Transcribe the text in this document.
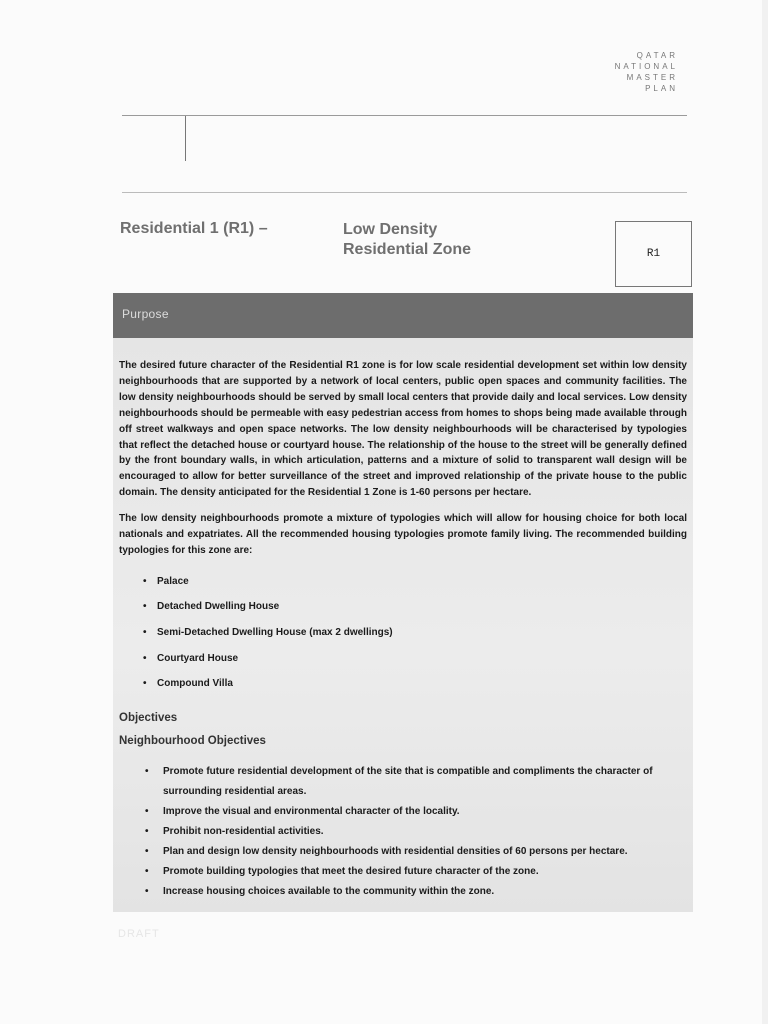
QATAR
NATIONAL
MASTER
PLAN
Residential 1 (R1) –	Low Density
Residential Zone	R1
Purpose

The desired future character of the Residential R1 zone is for low scale residential development set within low density neighbourhoods that are supported by a network of local centers, public open spaces and community facilities. The low density neighbourhoods should be served by small local centers that provide daily and local services. Low density neighbourhoods should be permeable with easy pedestrian access from homes to shops being made available through off street walkways and open space networks. The low density neighbourhoods will be characterised by typologies that reflect the detached house or courtyard house. The relationship of the house to the street will be generally defined by the front boundary walls, in which articulation, patterns and a mixture of solid to transparent wall design will be encouraged to allow for better surveillance of the street and improved relationship of the private house to the public domain. The density anticipated for the Residential 1 Zone is 1-60 persons per hectare.

The low density neighbourhoods promote a mixture of typologies which will allow for housing choice for both local nationals and expatriates. All the recommended housing typologies promote family living. The recommended building typologies for this zone are:

• Palace
• Detached Dwelling House
• Semi-Detached Dwelling House (max 2 dwellings)
• Courtyard House
• Compound Villa
Objectives
Neighbourhood Objectives
• Promote future residential development of the site that is compatible and compliments the character of surrounding residential areas.
• Improve the visual and environmental character of the locality.
• Prohibit non-residential activities.
• Plan and design low density neighbourhoods with residential densities of 60 persons per hectare.
• Promote building typologies that meet the desired future character of the zone.
• Increase housing choices available to the community within the zone.
DRAFT
